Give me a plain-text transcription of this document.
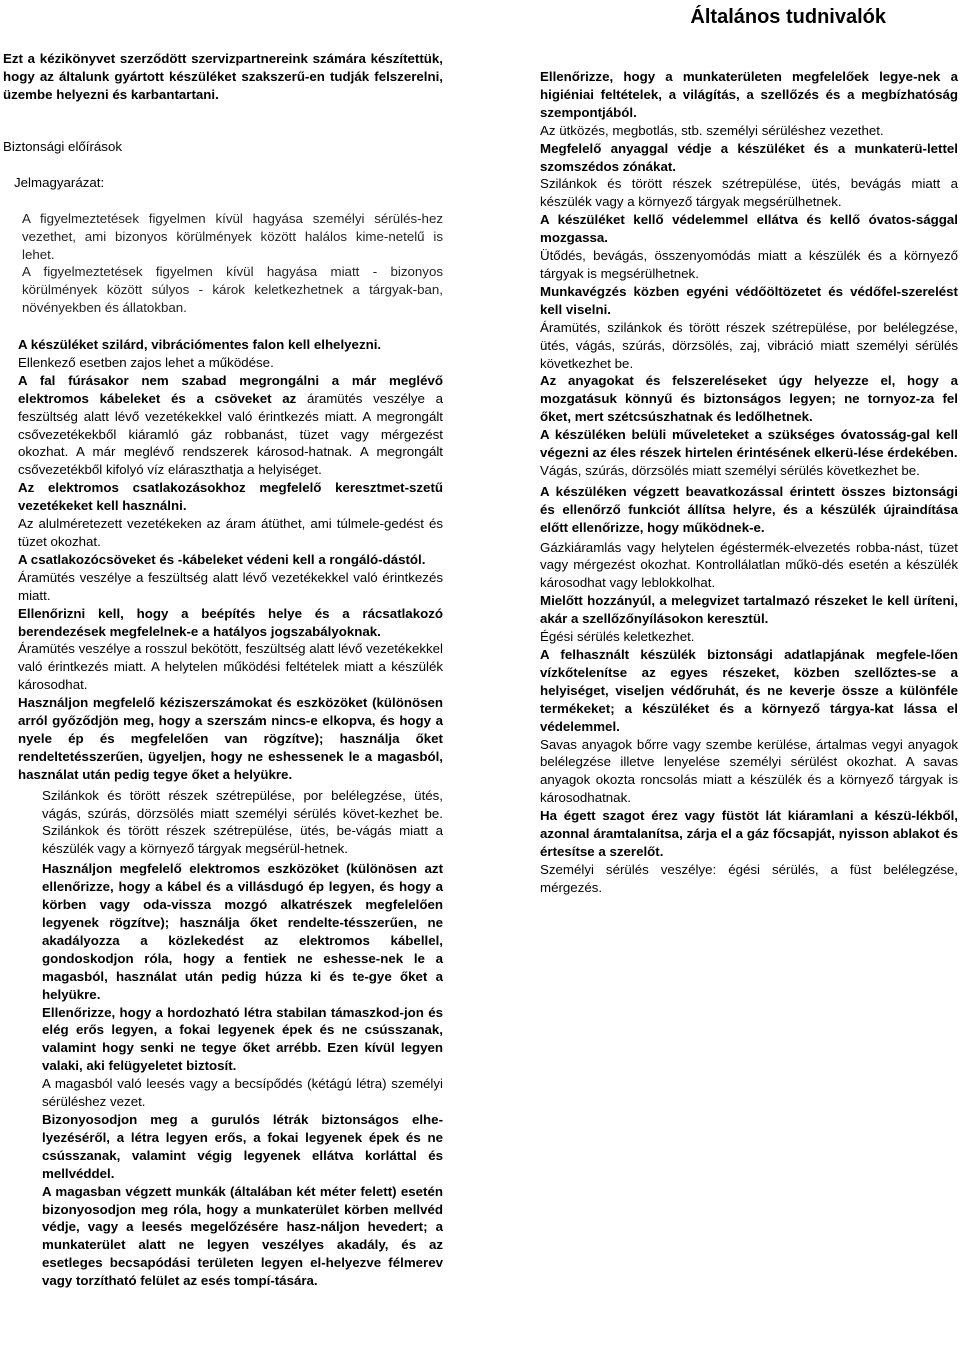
Általános tudnivalók

Ezt a kézikönyvet szerződött szervizpartnereink számára készítettük, hogy az általunk gyártott készüléket szakszerű-en tudják felszerelni, üzembe helyezni és karbantartani.

Biztonsági előírások

Jelmagyarázat:

A figyelmeztetések figyelmen kívül hagyása személyi sérülés-hez vezethet, ami bizonyos körülmények között halálos kime-netelű is lehet.

A figyelmeztetések figyelmen kívül hagyása miatt - bizonyos körülmények között súlyos - károk keletkezhetnek a tárgyak-ban, növényekben és állatokban.

A készüléket szilárd, vibrációmentes falon kell elhelyezni.

Ellenkező esetben zajos lehet a működése.

A fal fúrásakor nem szabad megrongálni a már meglévő elektromos kábeleket és a csöveket az áramütés veszélye a feszültség alatt lévő vezetékekkel való érintkezés miatt. A megrongált csővezetékekből kiáramló gáz robbanást, tüzet vagy mérgezést okozhat. A már meglévő rendszerek károsod-hatnak. A megrongált csővezetékből kifolyó víz eláraszthatja a helyiséget.

Az elektromos csatlakozásokhoz megfelelő keresztmet-szetű vezetékeket kell használni.

Az alulméretezett vezetékeken az áram átüthet, ami túlmele-gedést és tüzet okozhat.

A csatlakozócsöveket és -kábeleket védeni kell a rongáló-dástól.

Áramütés veszélye a feszültség alatt lévő vezetékekkel való érintkezés miatt.

Ellenőrizni kell, hogy a beépítés helye és a rácsatlakozó berendezések megfelelnek-e a hatályos jogszabályoknak.

Áramütés veszélye a rosszul bekötött, feszültség alatt lévő vezetékekkel való érintkezés miatt. A helytelen működési feltételek miatt a készülék károsodhat.

Használjon megfelelő kéziszerszámokat és eszközöket (különösen arról győződjön meg, hogy a szerszám nincs-e elkopva, és hogy a nyele ép és megfelelően van rögzítve); használja őket rendeltetésszerűen, ügyeljen, hogy ne eshessenek le a magasból, használat után pedig tegye őket a helyükre.

Szilánkok és törött részek szétrepülése, por belélegzése, ütés, vágás, szúrás, dörzsölés miatt személyi sérülés követ-kezhet be. Szilánkok és törött részek szétrepülése, ütés, be-vágás miatt a készülék vagy a környező tárgyak megsérül-hetnek.

Használjon megfelelő elektromos eszközöket (különösen azt ellenőrizze, hogy a kábel és a villásdugó ép legyen, és hogy a körben vagy oda-vissza mozgó alkatrészek megfelelően legyenek rögzítve); használja őket rendelte-tésszerűen, ne akadályozza a közlekedést az elektromos kábellel, gondoskodjon róla, hogy a fentiek ne eshesse-nek le a magasból, használat után pedig húzza ki és te-gye őket a helyükre.

Ellenőrizze, hogy a hordozható létra stabilan támaszkod-jon és elég erős legyen, a fokai legyenek épek és ne csússzanak, valamint hogy senki ne tegye őket arrébb. Ezen kívül legyen valaki, aki felügyeletet biztosít.

A magasból való leesés vagy a becsípődés (kétágú létra) személyi sérüléshez vezet.

Bizonyosodjon meg a gurulós létrák biztonságos elhe-lyezéséről, a létra legyen erős, a fokai legyenek épek és ne csússzanak, valamint végig legyenek ellátva korláttal és mellvéddel.

A magasban végzett munkák (általában két méter felett) esetén bizonyosodjon meg róla, hogy a munkaterület körben mellvéd védje, vagy a leesés megelőzésére hasz-náljon hevedert; a munkaterület alatt ne legyen veszélyes akadály, és az esetleges becsapódási területen legyen el-helyezve félmerev vagy torzítható felület az esés tompí-tására.

Ellenőrizze, hogy a munkaterületen megfelelőek legye-nek a higiéniai feltételek, a világítás, a szellőzés és a megbízhatóság szempontjából.

Az ütközés, megbotlás, stb. személyi sérüléshez vezethet.

Megfelelő anyaggal védje a készüléket és a munkaterü-lettel szomszédos zónákat.

Szilánkok és törött részek szétrepülése, ütés, bevágás miatt a készülék vagy a környező tárgyak megsérülhetnek.

A készüléket kellő védelemmel ellátva és kellő óvatos-sággal mozgassa.

Ütődés, bevágás, összenyomódás miatt a készülék és a környező tárgyak is megsérülhetnek.

Munkavégzés közben egyéni védőöltözetet és védőfel-szerelést kell viselni.

Áramütés, szilánkok és törött részek szétrepülése, por belélegzése, ütés, vágás, szúrás, dörzsölés, zaj, vibráció miatt személyi sérülés következhet be.

Az anyagokat és felszereléseket úgy helyezze el, hogy a mozgatásuk könnyű és biztonságos legyen; ne tornyoz-za fel őket, mert szétcsúszhatnak és ledőlhetnek.

A készüléken belüli műveleteket a szükséges óvatosság-gal kell végezni az éles részek hirtelen érintésének elkerü-lése érdekében.

Vágás, szúrás, dörzsölés miatt személyi sérülés következhet be.

A készüléken végzett beavatkozással érintett összes biztonsági és ellenőrző funkciót állítsa helyre, és a készülék újraindítása előtt ellenőrizze, hogy működnek-e.

Gázkiáramlás vagy helytelen égéstermék-elvezetés robba-nást, tüzet vagy mérgezést okozhat. Kontrollálatlan műkö-dés esetén a készülék károsodhat vagy leblokkolhat.

Mielőtt hozzányúl, a melegvizet tartalmazó részeket le kell üríteni, akár a szellőzőnyílásokon keresztül.

Égési sérülés keletkezhet.

A felhasznált készülék biztonsági adatlapjának megfele-lően vízkőtelenítse az egyes részeket, közben szellőztes-se a helyiséget, viseljen védőruhát, és ne keverje össze a különféle termékeket; a készüléket és a környező tárgya-kat lássa el védelemmel.

Savas anyagok bőrre vagy szembe kerülése, ártalmas vegyi anyagok belélegzése illetve lenyelése személyi sérülést okozhat. A savas anyagok okozta roncsolás miatt a készülék és a környező tárgyak is károsodhatnak.

Ha égett szagot érez vagy füstöt lát kiáramlani a készü-lékből, azonnal áramtalanítsa, zárja el a gáz főcsapját, nyisson ablakot és értesítse a szerelőt.

Személyi sérülés veszélye: égési sérülés, a füst belélegzése, mérgezés.
